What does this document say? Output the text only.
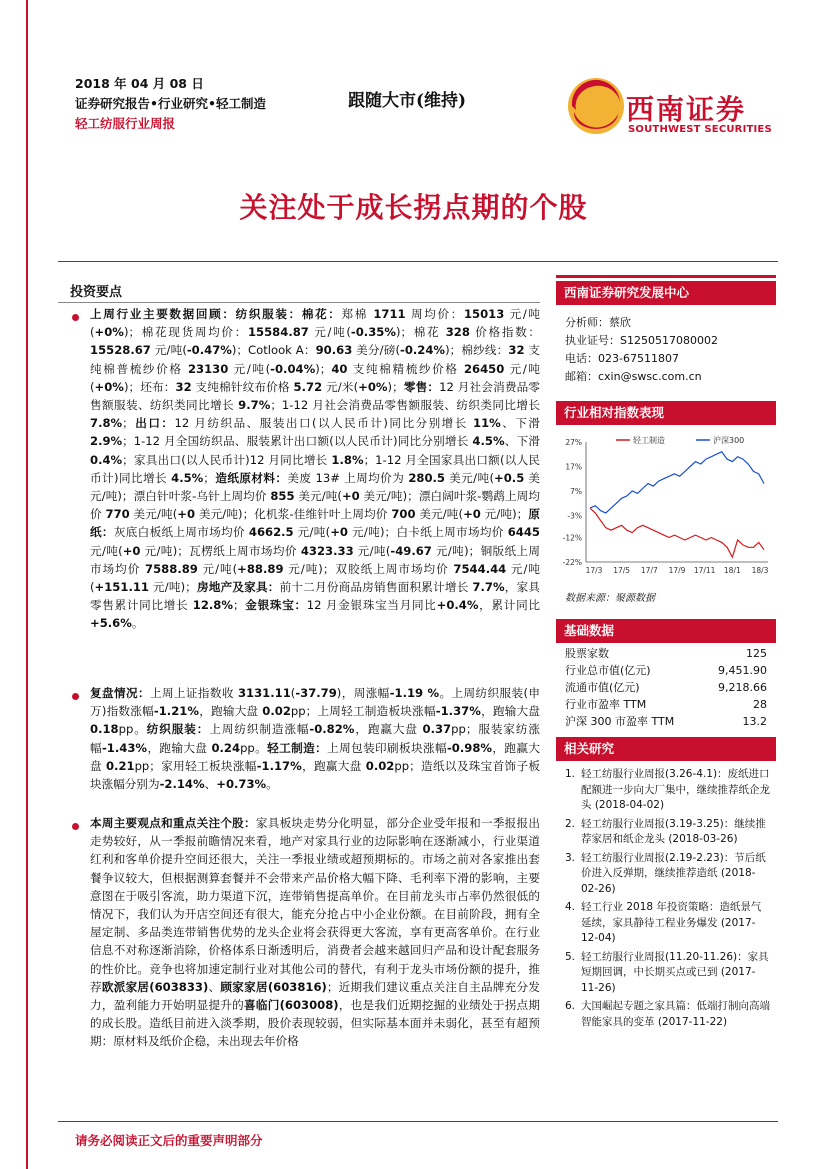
2018 年 04 月 08 日
证券研究报告•行业研究•轻工制造
轻工纺服行业周报
跟随大市(维持)	西南证券
SOUTHWEST SECURITIES
关注处于成长拐点期的个股
投资要点
上周行业主要数据回顾：纺织服装：棉花：郑棉 1711 周均价：15013 元/吨(+0%)；棉花现货周均价：15584.87 元/吨(-0.35%)；棉花 328 价格指数：15528.67 元/吨(-0.47%)；Cotlook A：90.63 美分/磅(-0.24%)；棉纱线：32 支纯棉普梳纱价格 23130 元/吨(-0.04%)；40 支纯棉精梳纱价格 26450 元/吨(+0%)；坯布：32 支纯棉针纹布价格 5.72 元/米(+0%)；零售：12 月社会消费品零售额服装、纺织类同比增长 9.7%；1-12 月社会消费品零售额服装、纺织类同比增长 7.8%；出口：12 月纺织品、服装出口(以人民币计)同比分别增长 11%、下滑 2.9%；1-12 月全国纺织品、服装累计出口额(以人民币计)同比分别增长 4.5%、下滑 0.4%；家具出口(以人民币计)12 月同比增长 1.8%；1-12 月全国家具出口额(以人民币计)同比增长 4.5%；造纸原材料：美废 13# 上周均价为 280.5 美元/吨(+0.5 美元/吨)；漂白针叶浆-乌针上周均价 855 美元/吨(+0 美元/吨)；漂白阔叶浆-鹦鹉上周均价 770 美元/吨(+0 美元/吨)；化机浆-佳维针叶上周均价 700 美元/吨(+0 元/吨)；原纸：灰底白板纸上周市场均价 4662.5 元/吨(+0 元/吨)；白卡纸上周市场均价 6445 元/吨(+0 元/吨)；瓦楞纸上周市场均价 4323.33 元/吨(-49.67 元/吨)；铜版纸上周市场均价 7588.89 元/吨(+88.89 元/吨)；双胶纸上周市场均价 7544.44 元/吨(+151.11 元/吨)；房地产及家具：前十二月份商品房销售面积累计增长 7.7%，家具零售累计同比增长 12.8%；金银珠宝：12 月金银珠宝当月同比+0.4%，累计同比+5.6%。
复盘情况：上周上证指数收 3131.11(-37.79)，周涨幅-1.19 %。上周纺织服装(申万)指数涨幅-1.21%，跑输大盘 0.02pp；上周轻工制造板块涨幅-1.37%，跑输大盘 0.18pp。纺织服装：上周纺织制造涨幅-0.82%，跑赢大盘 0.37pp；服装家纺涨幅-1.43%，跑输大盘 0.24pp。轻工制造：上周包装印刷板块涨幅-0.98%，跑赢大盘 0.21pp；家用轻工板块涨幅-1.17%，跑赢大盘 0.02pp；造纸以及珠宝首饰子板块涨幅分别为-2.14%、+0.73%。
本周主要观点和重点关注个股：家具板块走势分化明显，部分企业受年报和一季报报出走势较好，从一季报前瞻情况来看，地产对家具行业的边际影响在逐渐减小，行业渠道红利和客单价提升空间还很大，关注一季报业绩或超预期标的。市场之前对各家推出套餐争议较大，但根据测算套餐并不会带来产品价格大幅下降、毛利率下滑的影响，主要意图在于吸引客流，助力渠道下沉，连带销售提高单价。在目前龙头市占率仍然很低的情况下，我们认为开店空间还有很大，能充分抢占中小企业份额。在目前阶段，拥有全屋定制、多品类连带销售优势的龙头企业将会获得更大客流，享有更高客单价。在行业信息不对称逐渐消除，价格体系日渐透明后，消费者会越来越回归产品和设计配套服务的性价比。竞争也将加速定制行业对其他公司的替代，有利于龙头市场份额的提升，推荐欧派家居(603833)、顾家家居(603816)；近期我们建议重点关注自主品牌充分发力，盈利能力开始明显提升的喜临门(603008)，也是我们近期挖掘的业绩处于拐点期的成长股。造纸目前进入淡季期，股价表现较弱，但实际基本面并未弱化，甚至有超预期：原材料及纸价企稳，未出现去年价格
西南证券研究发展中心
分析师：蔡欣
执业证号：S1250517080002
电话：023-67511807
邮箱：cxin@swsc.com.cn
行业相对指数表现
27%
17%
7%
-3%
-12%
-22%
17/3 17/5 17/7 17/9 17/11 18/1 18/3
轻工制造	沪深300
数据来源：聚源数据
基础数据
股票家数	125
行业总市值(亿元)	9,451.90
流通市值(亿元)	9,218.66
行业市盈率 TTM	28
沪深 300 市盈率 TTM	13.2
相关研究
1. 轻工纺服行业周报(3.26-4.1)：废纸进口配额进一步向大厂集中，继续推荐纸企龙头 (2018-04-02)
2. 轻工纺服行业周报(3.19-3.25)：继续推荐家居和纸企龙头 (2018-03-26)
3. 轻工纺服行业周报(2.19-2.23)：节后纸价进入反弹期，继续推荐造纸 (2018-02-26)
4. 轻工行业 2018 年投资策略：造纸景气延续，家具静待工程业务爆发 (2017-12-04)
5. 轻工纺服行业周报(11.20-11.26)：家具短期回调，中长期买点或已到 (2017-11-26)
6. 大国崛起专题之家具篇：低端打制向高端智能家具的变革 (2017-11-22)
请务必阅读正文后的重要声明部分
